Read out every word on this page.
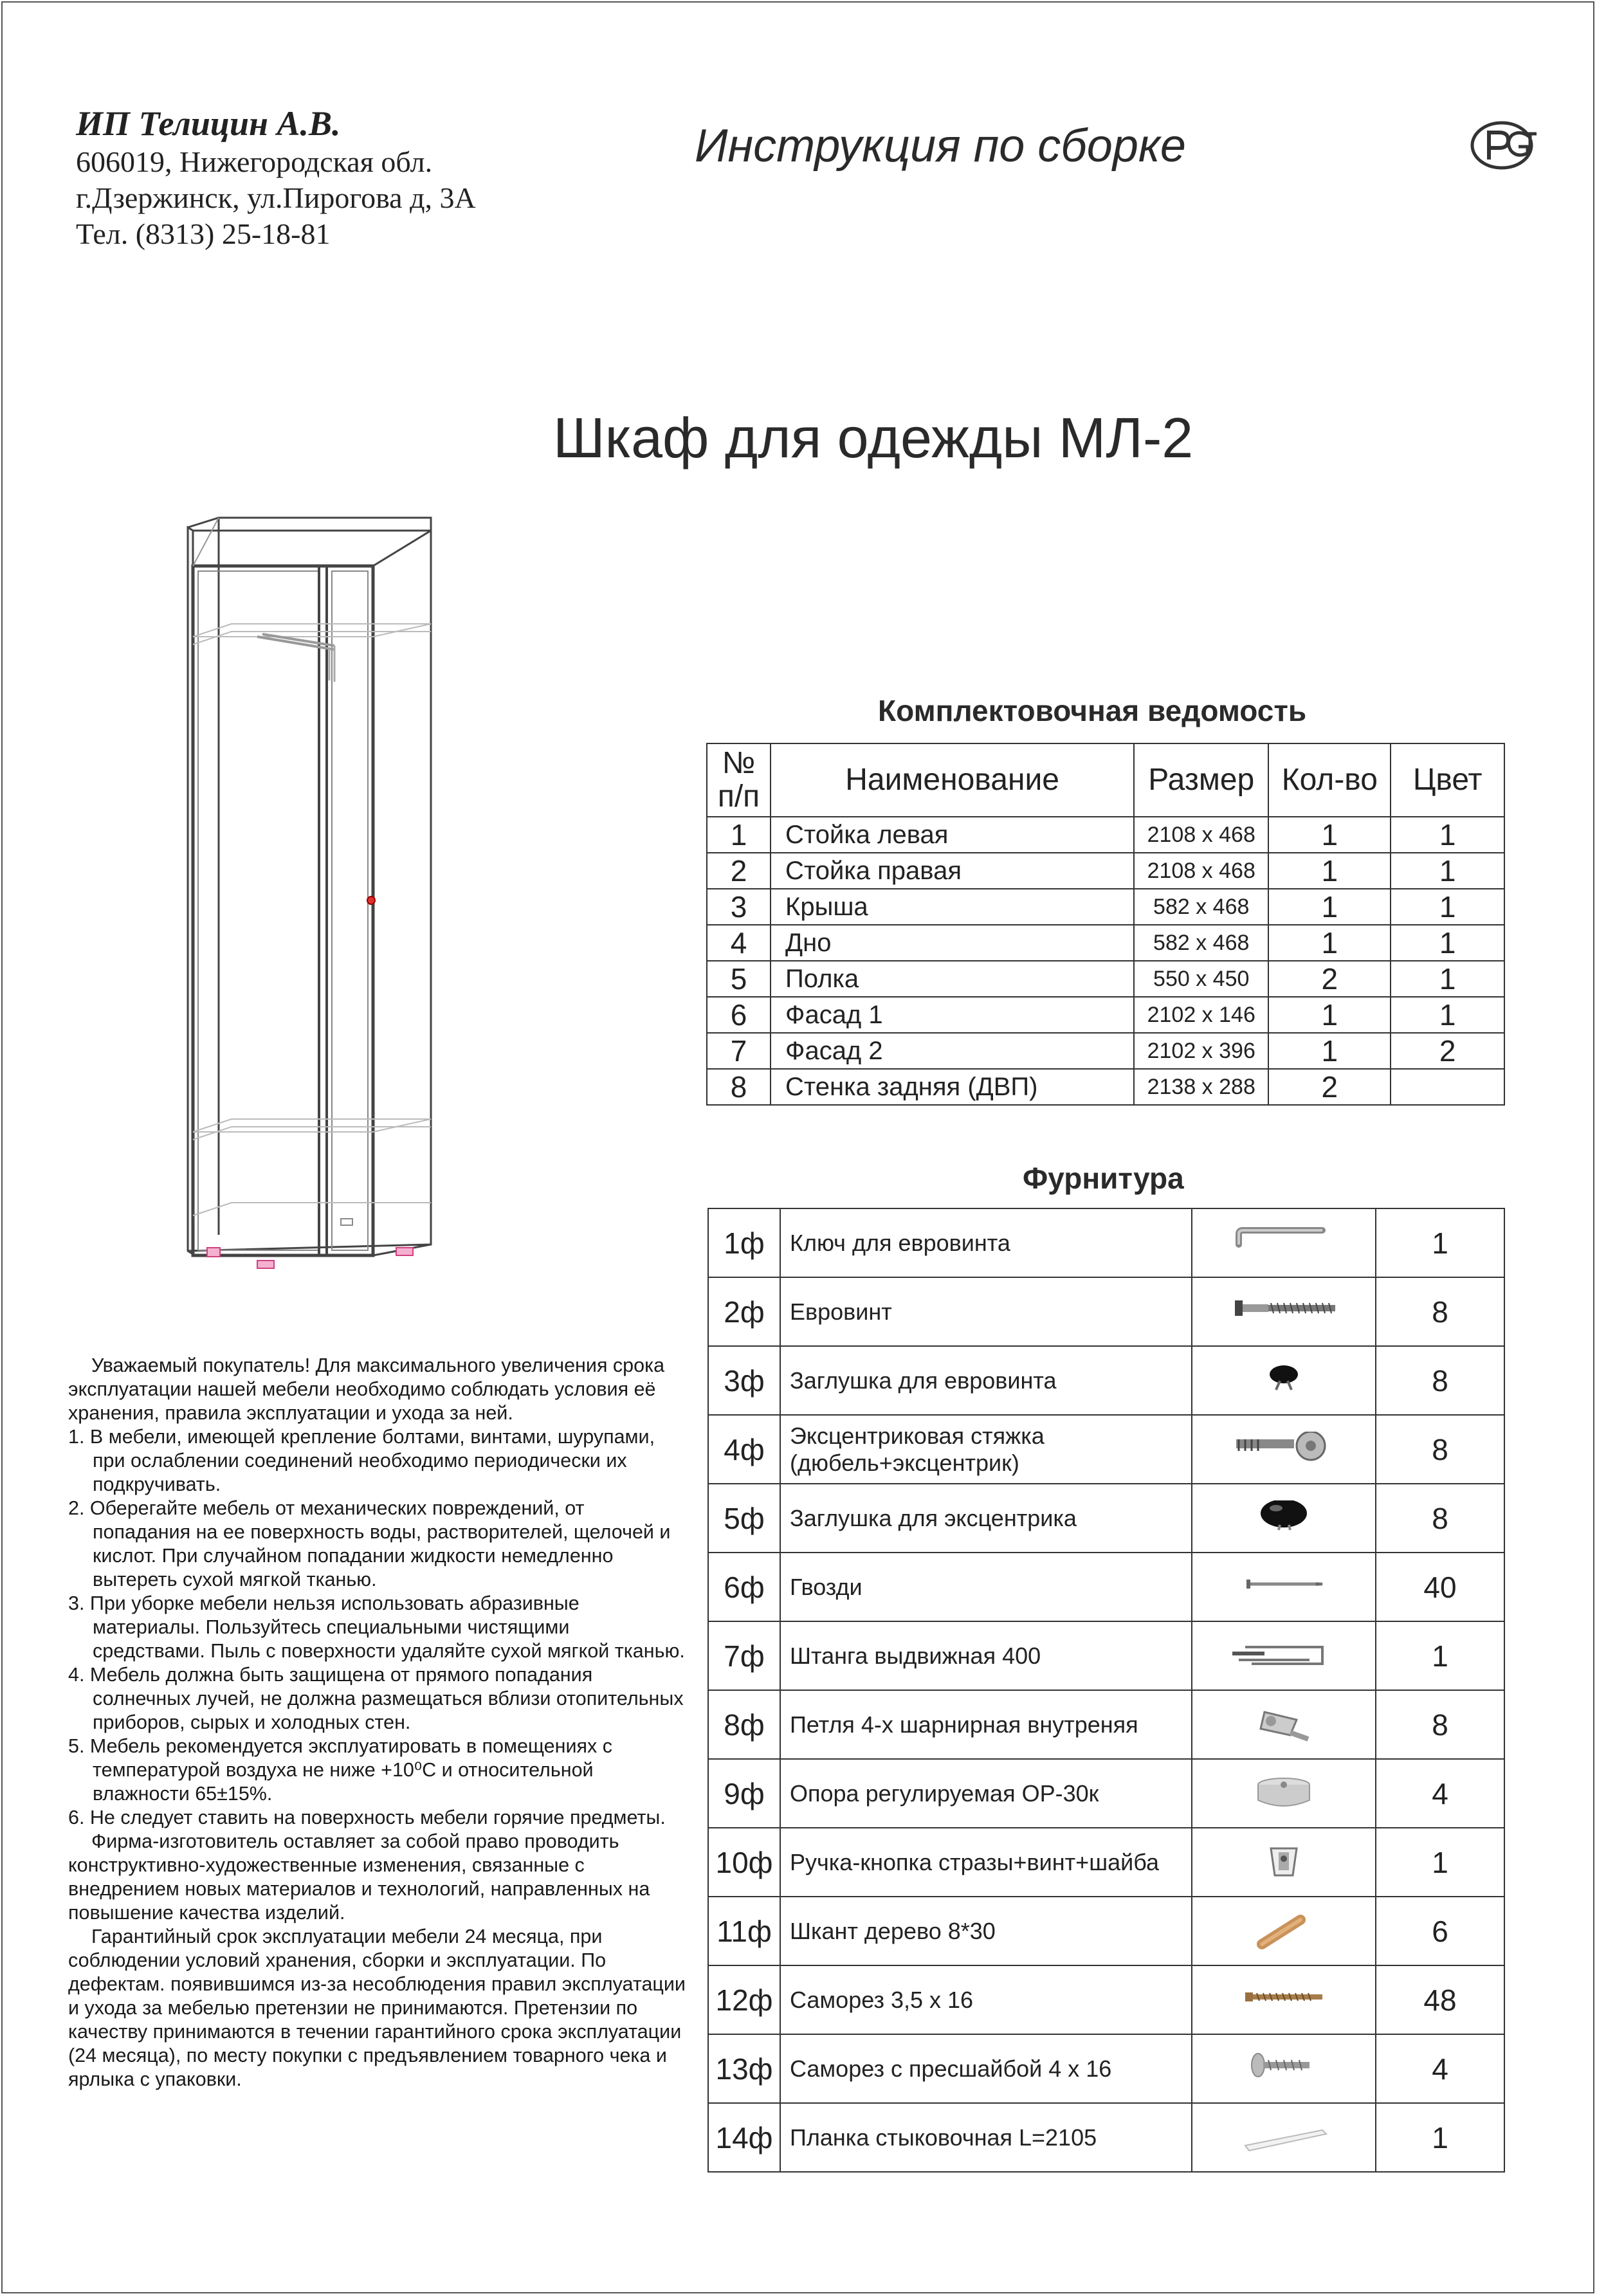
ИП Телицин А.В.
606019, Нижегородская обл.
г.Дзержинск, ул.Пирогова д, 3А
Тел. (8313) 25-18-81
Инструкция по сборке
Шкаф для одежды МЛ-2
Комплектовочная ведомость
№ п/п	Наименование	Размер	Кол-во	Цвет
1	Стойка левая	2108 x 468	1	1
2	Стойка правая	2108 x 468	1	1
3	Крыша	582 x 468	1	1
4	Дно	582 x 468	1	1
5	Полка	550 x 450	2	1
6	Фасад 1	2102 x 146	1	1
7	Фасад 2	2102 x 396	1	2
8	Стенка задняя (ДВП)	2138 x 288	2	
Фурнитура
1ф	Ключ для евровинта		1
2ф	Евровинт		8
3ф	Заглушка для евровинта		8
4ф	Эксцентриковая стяжка (дюбель+эксцентрик)		8
5ф	Заглушка для эксцентрика		8
6ф	Гвозди		40
7ф	Штанга выдвижная 400		1
8ф	Петля 4-х шарнирная внутреняя		8
9ф	Опора регулируемая ОР-30к		4
10ф	Ручка-кнопка стразы+винт+шайба		1
11ф	Шкант дерево 8*30		6
12ф	Саморез 3,5 х 16		48
13ф	Саморез с пресшайбой 4 х 16		4
14ф	Планка стыковочная L=2105		1

Уважаемый покупатель! Для максимального увеличения срока эксплуатации нашей мебели необходимо соблюдать условия её хранения, правила эксплуатации и ухода за ней.

1. В мебели, имеющей крепление болтами, винтами, шурупами, при ослаблении соединений необходимо периодически их подкручивать.

2. Оберегайте мебель от механических повреждений, от попадания на ее поверхность воды, растворителей, щелочей и кислот. При случайном попадании жидкости немедленно вытереть сухой мягкой тканью.

3. При уборке мебели нельзя использовать абразивные материалы. Пользуйтесь специальными чистящими средствами. Пыль с поверхности удаляйте сухой мягкой тканью.

4. Мебель должна быть защищена от прямого попадания солнечных лучей, не должна размещаться вблизи отопительных приборов, сырых и холодных стен.

5. Мебель рекомендуется эксплуатировать в помещениях с температурой воздуха не ниже +10⁰С и относительной влажности 65±15%.

6. Не следует ставить на поверхность мебели горячие предметы.

Фирма-изготовитель оставляет за собой право проводить конструктивно-художественные изменения, связанные с внедрением новых материалов и технологий, направленных на повышение качества изделий.

Гарантийный срок эксплуатации мебели 24 месяца, при соблюдении условий хранения, сборки и эксплуатации. По дефектам. появившимся из-за несоблюдения правил эксплуатации и ухода за мебелью претензии не принимаются. Претензии по качеству принимаются в течении гарантийного срока эксплуатации (24 месяца), по месту покупки с предъявлением товарного чека и ярлыка с упаковки.
